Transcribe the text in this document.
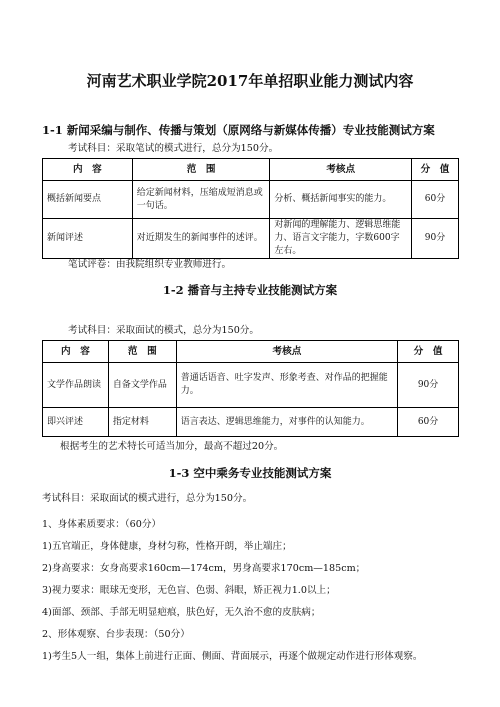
河南艺术职业学院2017年单招职业能力测试内容
1-1 新闻采编与制作、传播与策划（原网络与新媒体传播）专业技能测试方案
考试科目：采取笔试的模式进行，总分为150分。
内　容	范　围	考核点	分　值
概括新闻要点	给定新闻材料，压缩成短消息或一句话。	分析、概括新闻事实的能力。	60分
新闻评述	对近期发生的新闻事件的述评。	对新闻的理解能力、逻辑思维能力、语言文字能力，字数600字左右。	90分
笔试评卷：由我院组织专业教师进行。
1-2 播音与主持专业技能测试方案
考试科目：采取面试的模式，总分为150分。
内　容	范　围	考核点	分　值
文学作品朗读	自备文学作品	普通话语音、吐字发声、形象考查、对作品的把握能力。	90分
即兴评述	指定材料	语言表达、逻辑思维能力，对事件的认知能力。	60分
根据考生的艺术特长可适当加分，最高不超过20分。
1-3 空中乘务专业技能测试方案
考试科目：采取面试的模式进行，总分为150分。
1、身体素质要求：（60分）
1)五官端正，身体健康，身材匀称，性格开朗，举止端庄；
2)身高要求：女身高要求160cm—174cm，男身高要求170cm—185cm；
3)视力要求：眼球无变形，无色盲、色弱、斜眼，矫正视力1.0以上；
4)面部、颈部、手部无明显疤痕，肤色好，无久治不愈的皮肤病；
2、形体观察、台步表现：（50分）
1)考生5人一组，集体上前进行正面、侧面、背面展示，再逐个做规定动作进行形体观察。
